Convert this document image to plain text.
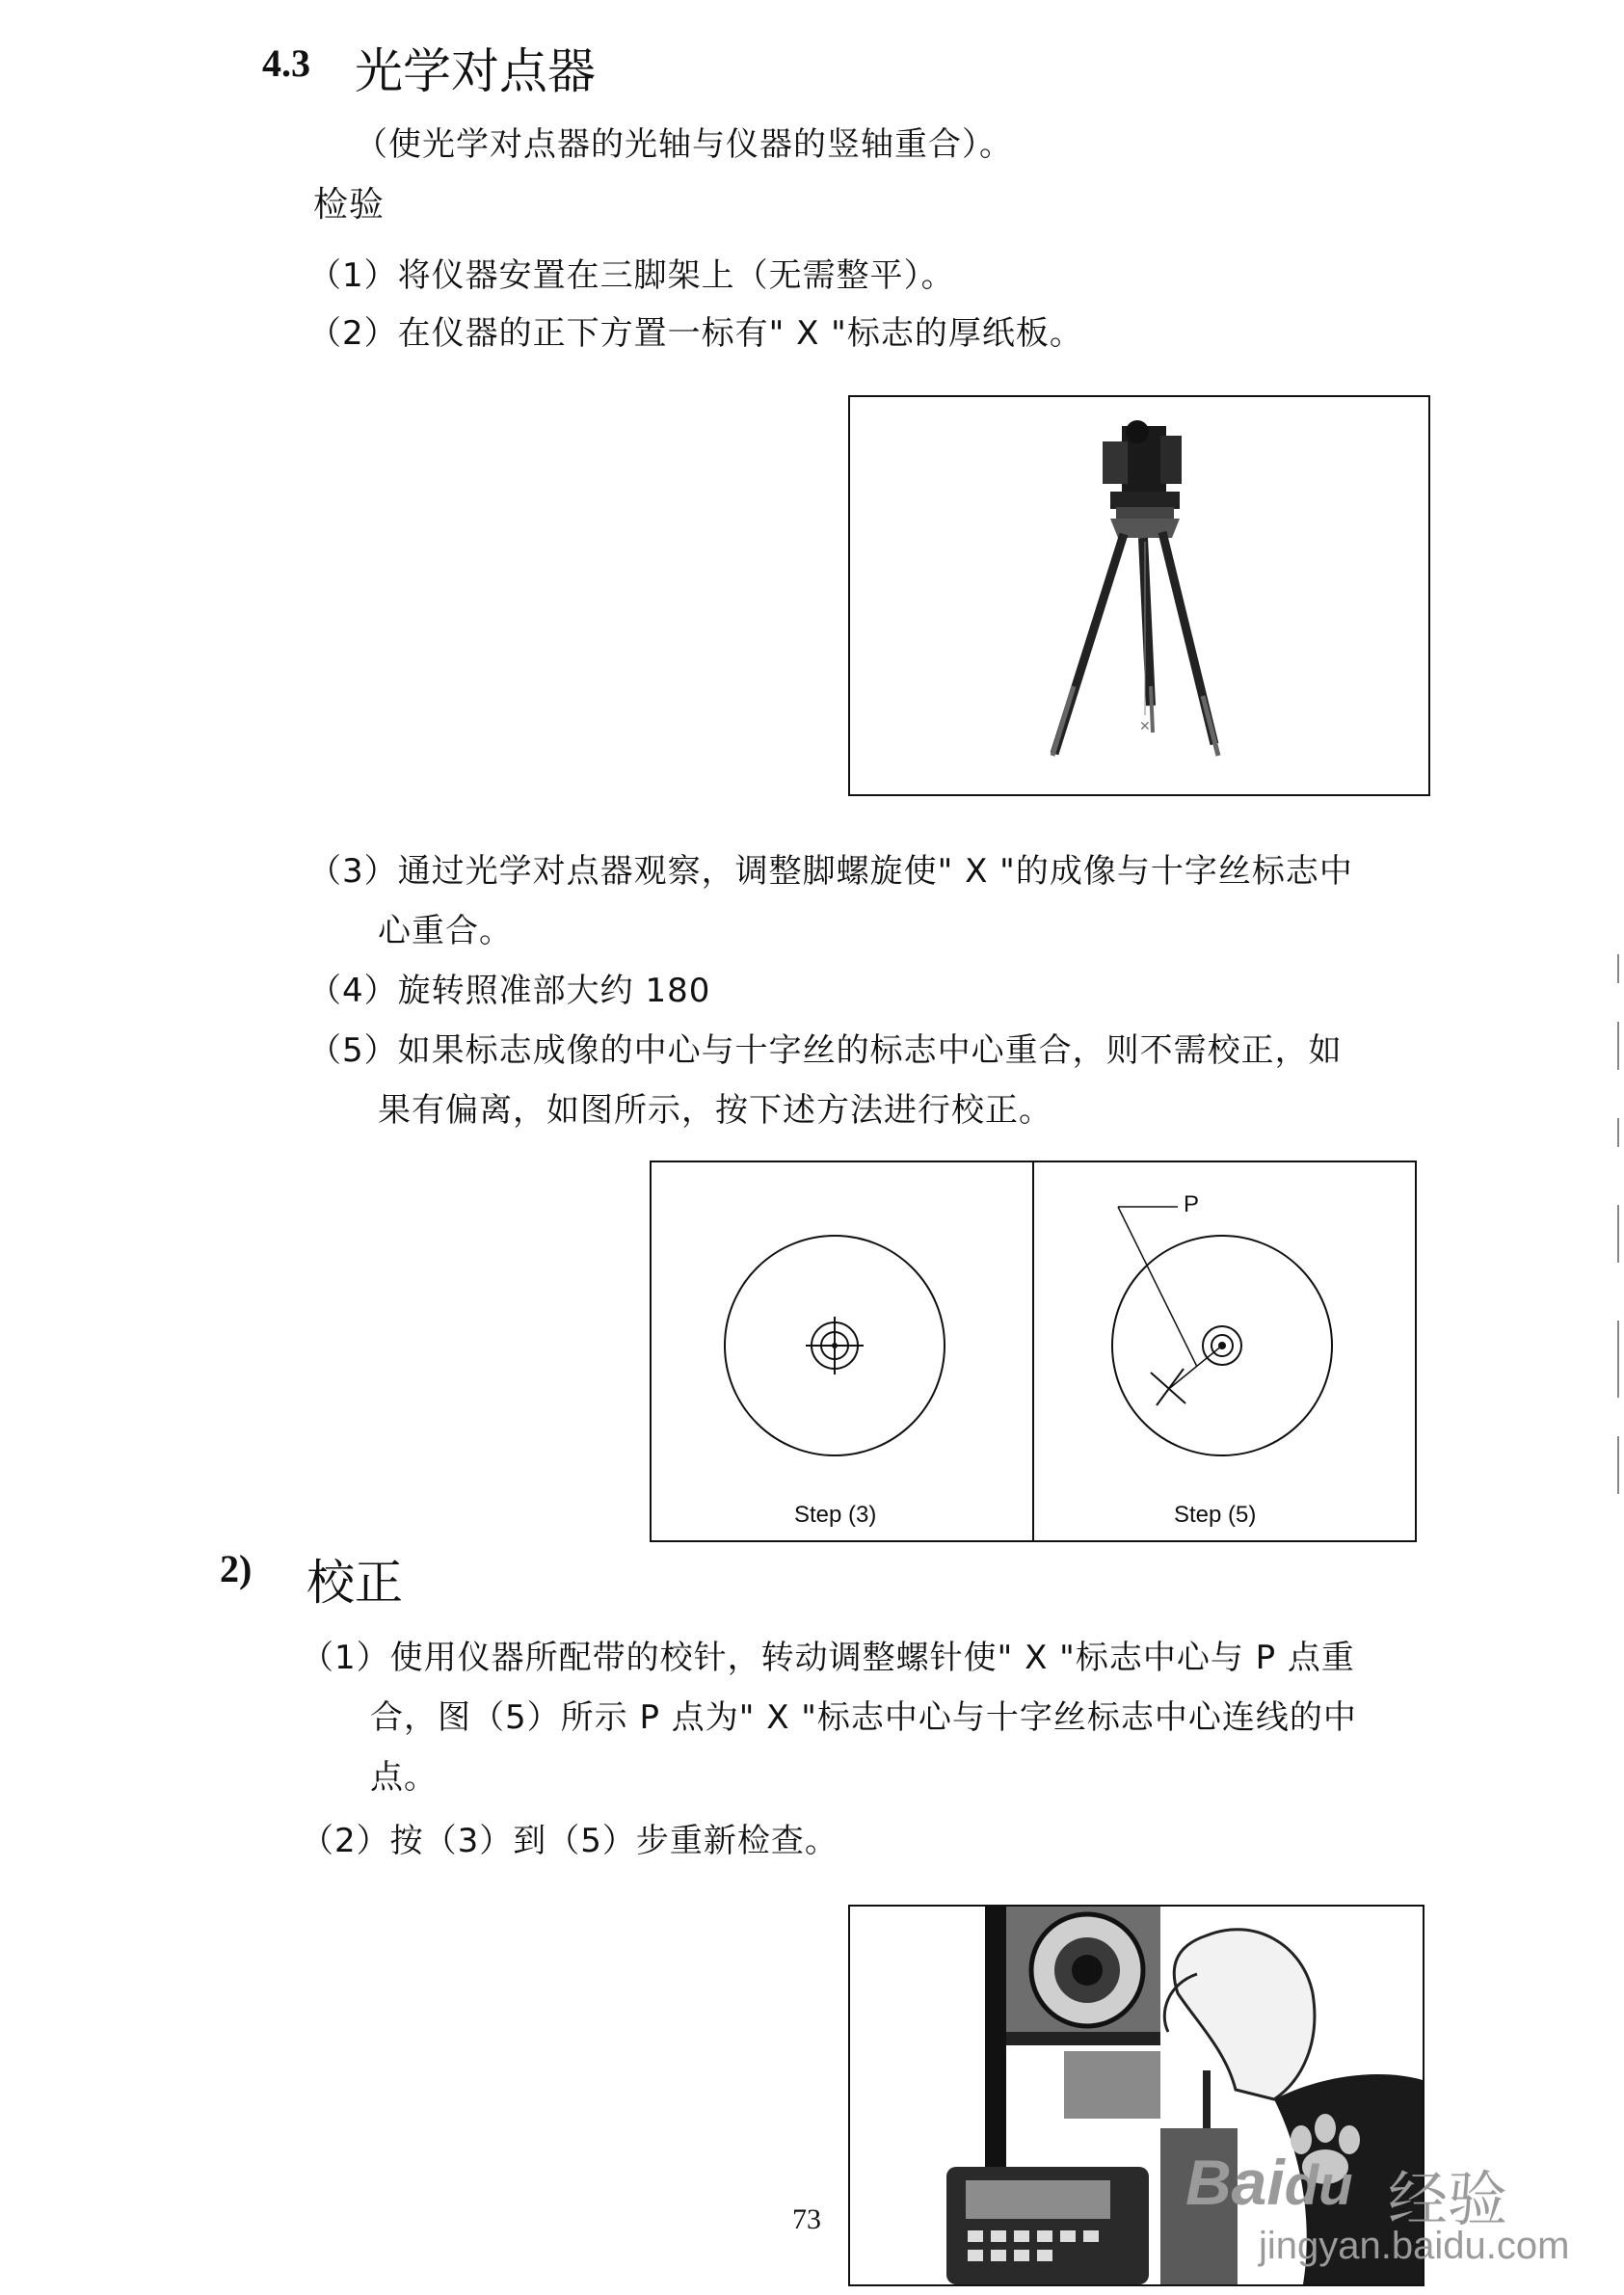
4.3 光学对点器
（使光学对点器的光轴与仪器的竖轴重合）。
检验
（1）将仪器安置在三脚架上（无需整平）。
（2）在仪器的正下方置一标有" X "标志的厚纸板。
✕
（3）通过光学对点器观察，调整脚螺旋使" X "的成像与十字丝标志中
心重合。
（4）旋转照准部大约 180
（5）如果标志成像的中心与十字丝的标志中心重合，则不需校正，如
果有偏离，如图所示，按下述方法进行校正。
P
Step (3)	Step (5)
2) 校正
（1）使用仪器所配带的校针，转动调整螺针使" X "标志中心与 P 点重
合，图（5）所示 P 点为" X "标志中心与十字丝标志中心连线的中
点。
（2）按（3）到（5）步重新检查。
73
Baidu 经验
jingyan.baidu.com
